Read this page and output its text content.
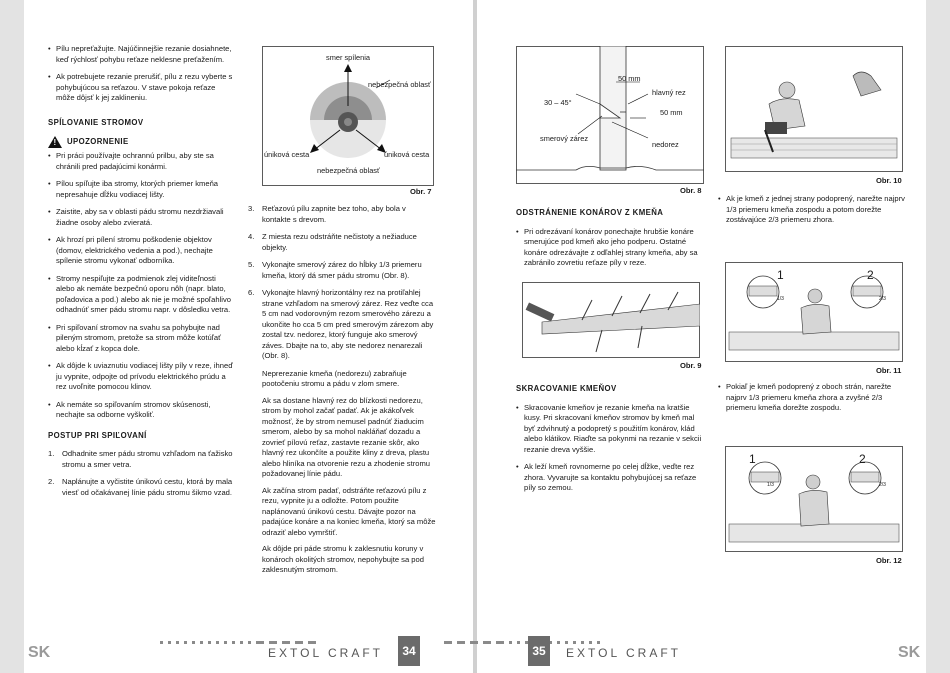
• Pílu nepreťažujte. Najúčinnejšie rezanie dosiahnete, keď rýchlosť pohybu reťaze neklesne preťažením.
• Ak potrebujete rezanie prerušiť, pílu z rezu vyberte s pohybujúcou sa reťazou. V stave pokoja reťaze môže dôjsť k jej zaklineniu.
SPÍLOVANIE STROMOV
! UPOZORNENIE
• Pri práci používajte ochrannú prilbu, aby ste sa chránili pred padajúcimi konármi.
• Pílou spíľujte iba stromy, ktorých priemer kmeňa nepresahuje dĺžku vodiacej lišty.
• Zaistite, aby sa v oblasti pádu stromu nezdržiavali žiadne osoby alebo zvieratá.
• Ak hrozí pri pílení stromu poškodenie objektov (domov, elektrického vedenia a pod.), nechajte spílenie stromu vykonať odborníka.
• Stromy nespiľujte za podmienok zlej viditeľnosti alebo ak nemáte bezpečnú oporu nôh (napr. blato, poľadovica a pod.) alebo ak nie je možné spoľahlivo odhadnúť smer pádu stromu napr. v dôsledku vetra.
• Pri spiľovaní stromov na svahu sa pohybujte nad pileným stromom, pretože sa strom môže kotúľať alebo kĺzať z kopca dole.
• Ak dôjde k uviaznutiu vodiacej lišty píly v reze, ihneď ju vypnite, odpojte od prívodu elektrického prúdu a rez uvoľnite pomocou klinov.
• Ak nemáte so spiľovaním stromov skúsenosti, nechajte sa odborne vyškoliť.
POSTUP PRI SPIĽOVANÍ
1. Odhadnite smer pádu stromu vzhľadom na ťažisko stromu a smer vetra.
2. Naplánujte a vyčistite únikovú cestu, ktorá by mala viesť od očakávanej línie pádu stromu šikmo vzad.
smer spílenia
nebezpečná oblasť
úniková cesta	úniková cesta
nebezpečná oblasť
Obr. 7
3. Reťazovú pílu zapnite bez toho, aby bola v kontakte s drevom.
4. Z miesta rezu odstráňte nečistoty a nežiaduce objekty.
5. Vykonajte smerový zárez do hĺbky 1/3 priemeru kmeňa, ktorý dá smer pádu stromu (Obr. 8).
6. Vykonajte hlavný horizontálny rez na protiľahlej strane vzhľadom na smerový zárez. Rez veďte cca 5 cm nad vodorovným rezom smerového zárezu a ukončite ho cca 5 cm pred smerovým zárezom aby zostal tzv. nedorez, ktorý funguje ako smerový záves. Dbajte na to, aby ste nedorez nenarezali (Obr. 8).

Neprerezanie kmeňa (nedorezu) zabraňuje pootočeniu stromu a pádu v zlom smere.

Ak sa dostane hlavný rez do blízkosti nedorezu, strom by mohol začať padať. Ak je akákoľvek možnosť, že by strom nemusel padnúť žiaducim smerom, alebo by sa mohol nakláňať dozadu a zovrieť pílovú reťaz, zastavte rezanie skôr, ako hlavný rez ukončíte a použite kliny z dreva, plastu alebo hliníka na otvorenie rezu a zhodenie stromu požadovanej línie pádu.

Ak začína strom padať, odstráňte reťazovú pílu z rezu, vypnite ju a odložte. Potom použite naplánovanú únikovú cestu. Dávajte pozor na padajúce konáre a na koniec kmeňa, ktorý sa môže odraziť alebo vymrštiť.

Ak dôjde pri páde stromu k zaklesnutiu koruny v konároch okolitých stromov, nepohybujte sa pod zaklesnutým stromom.

30 – 45°
50 mm
hlavný rez
50 mm
smerový zárez
nedorez
Obr. 8
Obr. 10
ODSTRÁNENIE KONÁROV Z KMEŇA
• Pri odrezávaní konárov ponechajte hrubšie konáre smerujúce pod kmeň ako jeho podperu. Ostatné konáre odrezávajte z odľahlej strany kmeňa, aby sa zabránilo zovretiu reťaze píly v reze.
Obr. 9
SKRACOVANIE KMEŇOV
• Skracovanie kmeňov je rezanie kmeňa na kratšie kusy. Pri skracovaní kmeňov stromov by kmeň mal byť zdvihnutý a podopretý s použitím konárov, klád alebo klátikov. Riaďte sa pokynmi na rezanie v sekcii rezanie dreva vyššie.
• Ak leží kmeň rovnomerne po celej dĺžke, veďte rez zhora. Vyvarujte sa kontaktu pohybujúcej sa reťaze píly so zemou.
• Ak je kmeň z jednej strany podoprený, narežte najprv 1/3 priemeru kmeňa zospodu a potom dorežte zostávajúce 2/3 priemeru zhora.
1	2
1/3	2/3
Obr. 11
• Pokiaľ je kmeň podoprený z oboch strán, narežte najprv 1/3 priemeru kmeňa zhora a zvyšné 2/3 priemeru kmeňa dorežte zospodu.
1	2
1/3	2/3
Obr. 12
SK	EXTOL CRAFT	34	35	EXTOL CRAFT	SK
